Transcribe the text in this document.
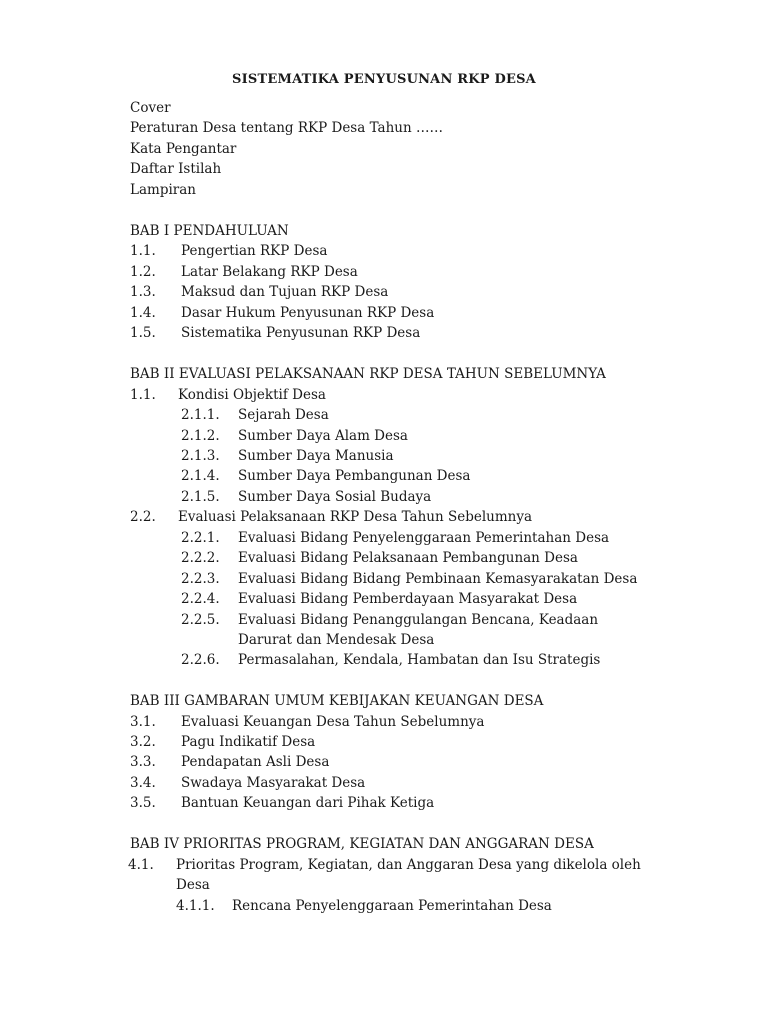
SISTEMATIKA PENYUSUNAN RKP DESA
Cover
Peraturan Desa tentang RKP Desa Tahun ……
Kata Pengantar
Daftar Istilah
Lampiran
BAB I PENDAHULUAN
1.1. Pengertian RKP Desa
1.2. Latar Belakang RKP Desa
1.3. Maksud dan Tujuan RKP Desa
1.4. Dasar Hukum Penyusunan RKP Desa
1.5. Sistematika Penyusunan RKP Desa
BAB II EVALUASI PELAKSANAAN RKP DESA TAHUN SEBELUMNYA
1.1. Kondisi Objektif Desa
2.1.1. Sejarah Desa
2.1.2. Sumber Daya Alam Desa
2.1.3. Sumber Daya Manusia
2.1.4. Sumber Daya Pembangunan Desa
2.1.5. Sumber Daya Sosial Budaya
2.2. Evaluasi Pelaksanaan RKP Desa Tahun Sebelumnya
2.2.1. Evaluasi Bidang Penyelenggaraan Pemerintahan Desa
2.2.2. Evaluasi Bidang Pelaksanaan Pembangunan Desa
2.2.3. Evaluasi Bidang Bidang Pembinaan Kemasyarakatan Desa
2.2.4. Evaluasi Bidang Pemberdayaan Masyarakat Desa
2.2.5. Evaluasi Bidang Penanggulangan Bencana, Keadaan
Darurat dan Mendesak Desa
2.2.6. Permasalahan, Kendala, Hambatan dan Isu Strategis
BAB III GAMBARAN UMUM KEBIJAKAN KEUANGAN DESA
3.1. Evaluasi Keuangan Desa Tahun Sebelumnya
3.2. Pagu Indikatif Desa
3.3. Pendapatan Asli Desa
3.4. Swadaya Masyarakat Desa
3.5. Bantuan Keuangan dari Pihak Ketiga
BAB IV PRIORITAS PROGRAM, KEGIATAN DAN ANGGARAN DESA
4.1. Prioritas Program, Kegiatan, dan Anggaran Desa yang dikelola oleh
Desa
4.1.1. Rencana Penyelenggaraan Pemerintahan Desa
